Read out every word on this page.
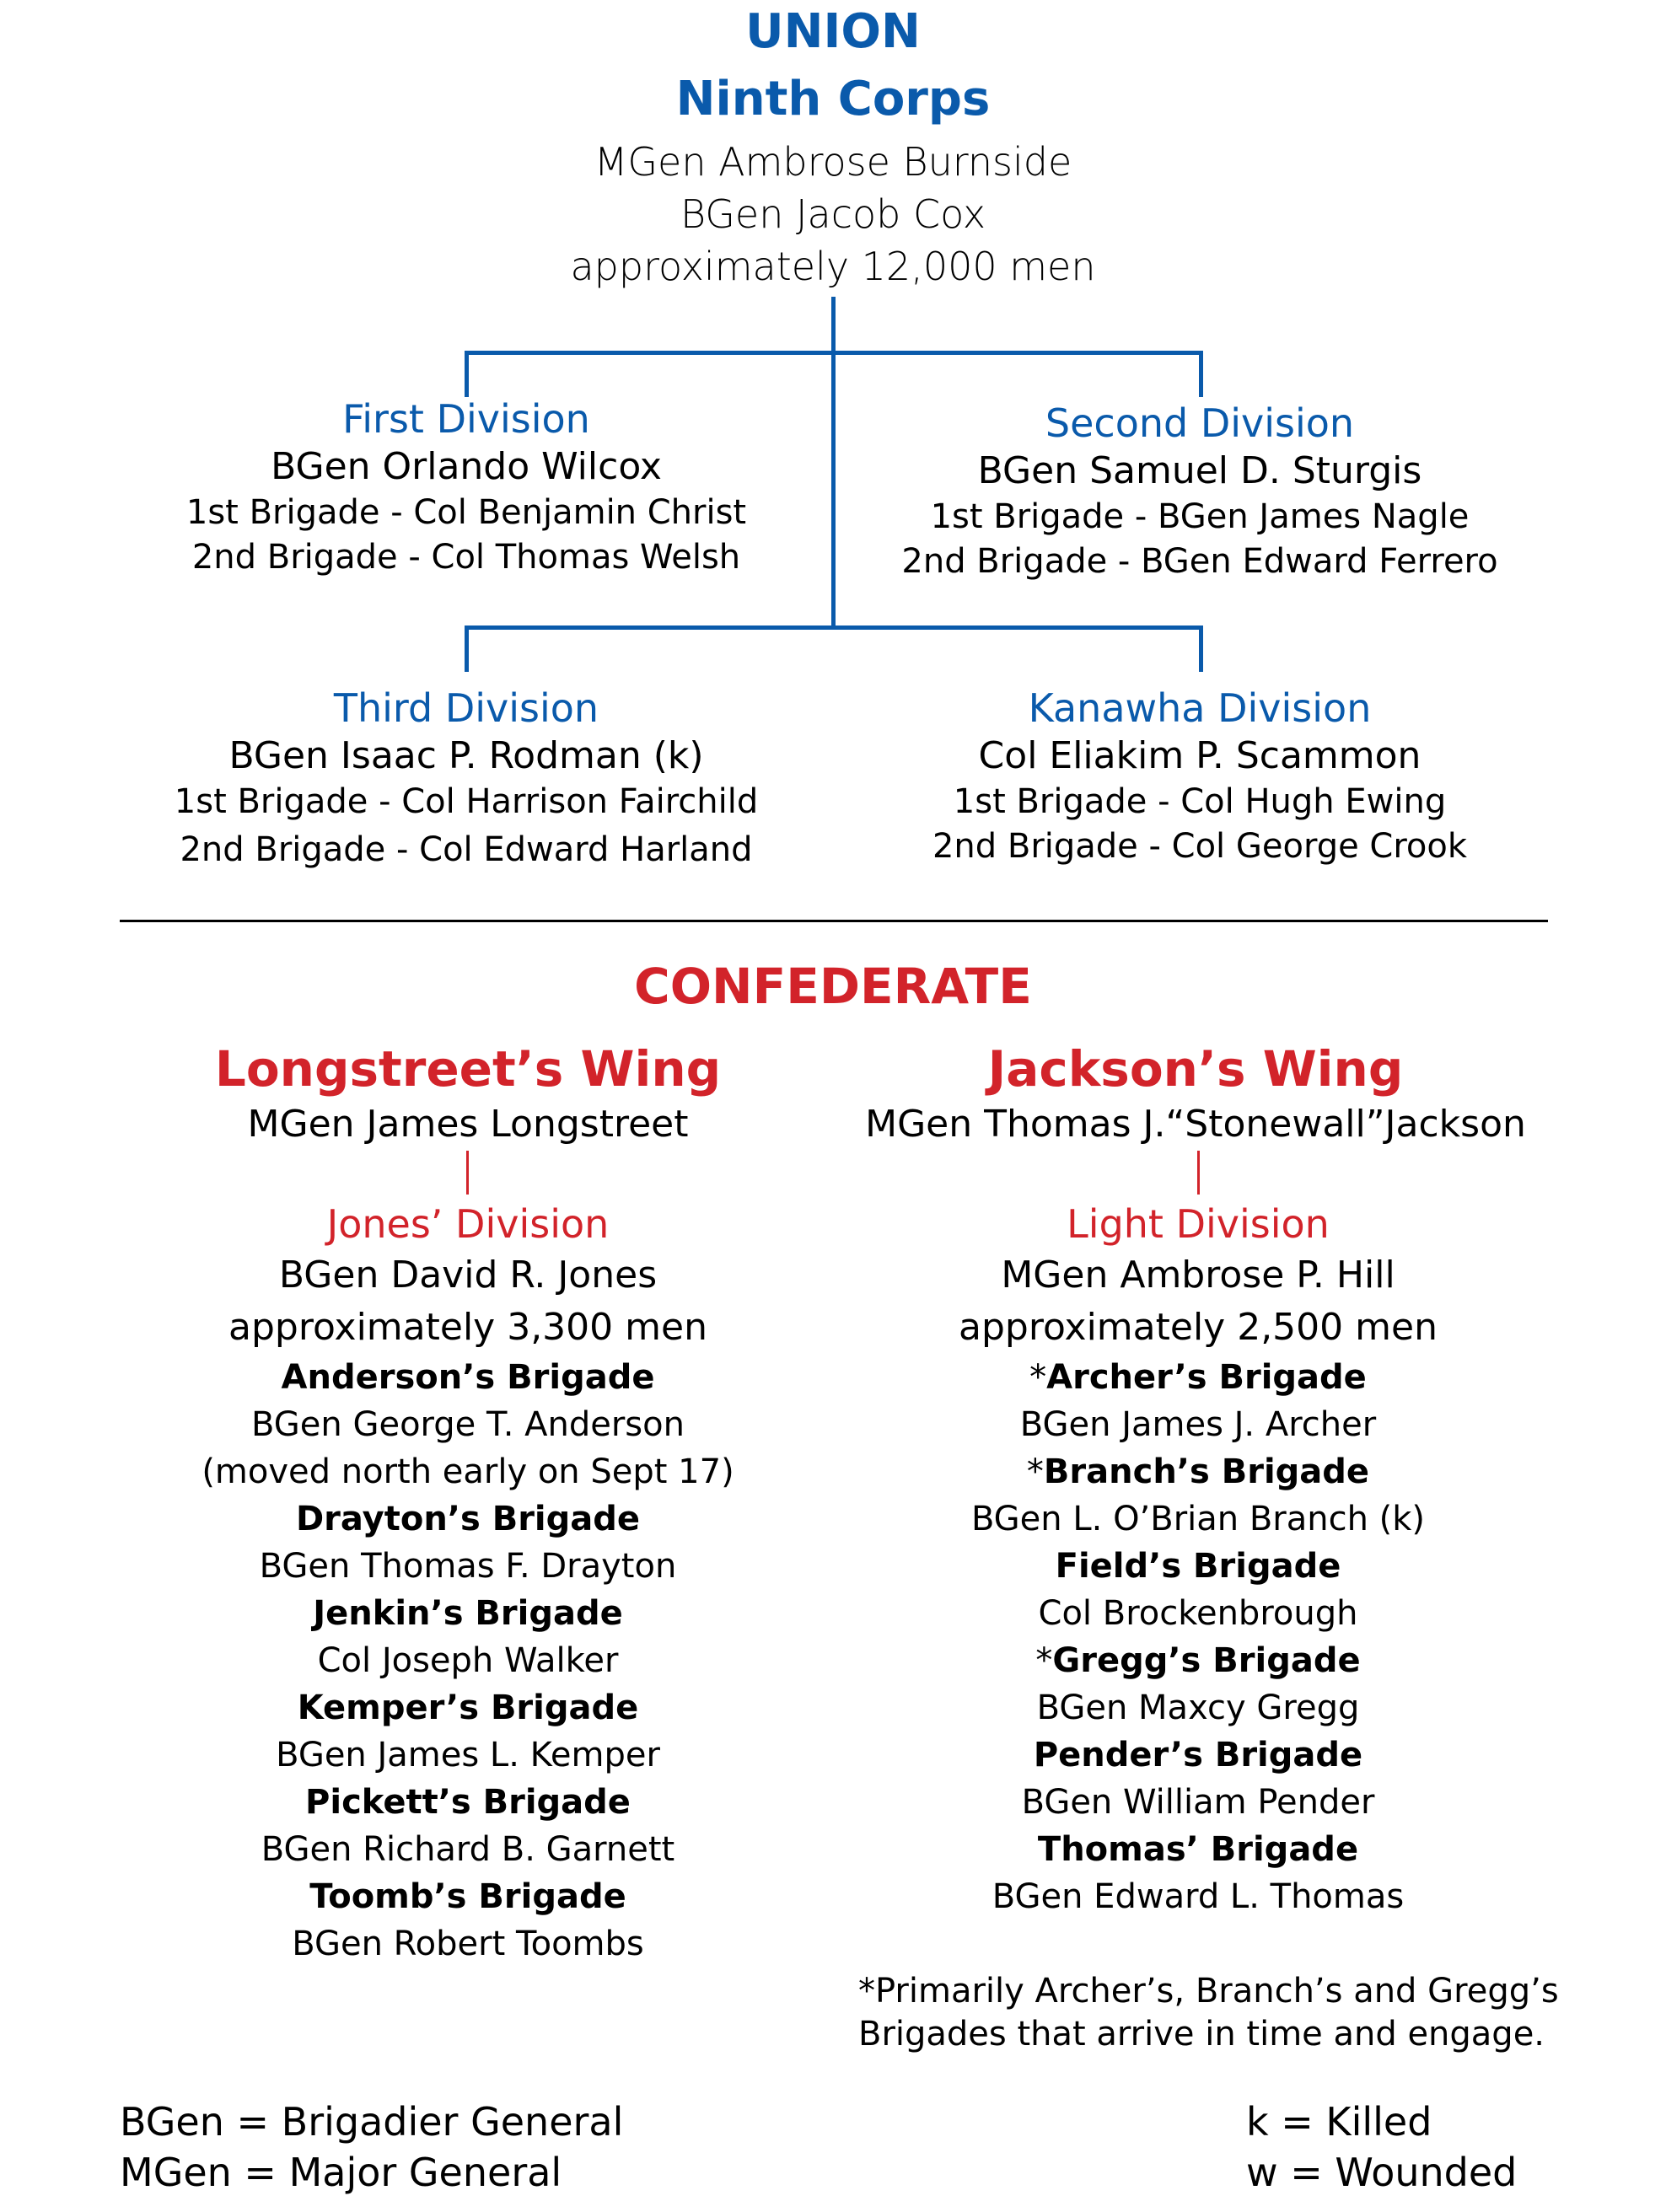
UNION
Ninth Corps
MGen Ambrose Burnside
BGen Jacob Cox
approximately 12,000 men
First Division
BGen Orlando Wilcox
1st Brigade - Col Benjamin Christ
2nd Brigade - Col Thomas Welsh
Second Division
BGen Samuel D. Sturgis
1st Brigade - BGen James Nagle
2nd Brigade - BGen Edward Ferrero
Third Division
BGen Isaac P. Rodman (k)
1st Brigade - Col Harrison Fairchild
2nd Brigade - Col Edward Harland
Kanawha Division
Col Eliakim P. Scammon
1st Brigade - Col Hugh Ewing
2nd Brigade - Col George Crook
CONFEDERATE
Longstreet’s Wing
MGen James Longstreet
Jones’ Division
BGen David R. Jones
approximately 3,300 men
Anderson’s Brigade
BGen George T. Anderson
(moved north early on Sept 17)
Drayton’s Brigade
BGen Thomas F. Drayton
Jenkin’s Brigade
Col Joseph Walker
Kemper’s Brigade
BGen James L. Kemper
Pickett’s Brigade
BGen Richard B. Garnett
Toomb’s Brigade
BGen Robert Toombs
Jackson’s Wing
MGen Thomas J.“Stonewall”Jackson
Light Division
MGen Ambrose P. Hill
approximately 2,500 men
*Archer’s Brigade
BGen James J. Archer
*Branch’s Brigade
BGen L. O’Brian Branch (k)
Field’s Brigade
Col Brockenbrough
*Gregg’s Brigade
BGen Maxcy Gregg
Pender’s Brigade
BGen William Pender
Thomas’ Brigade
BGen Edward L. Thomas
*Primarily Archer’s, Branch’s and Gregg’s
Brigades that arrive in time and engage.
BGen = Brigadier General
MGen = Major General
k = Killed
w = Wounded
